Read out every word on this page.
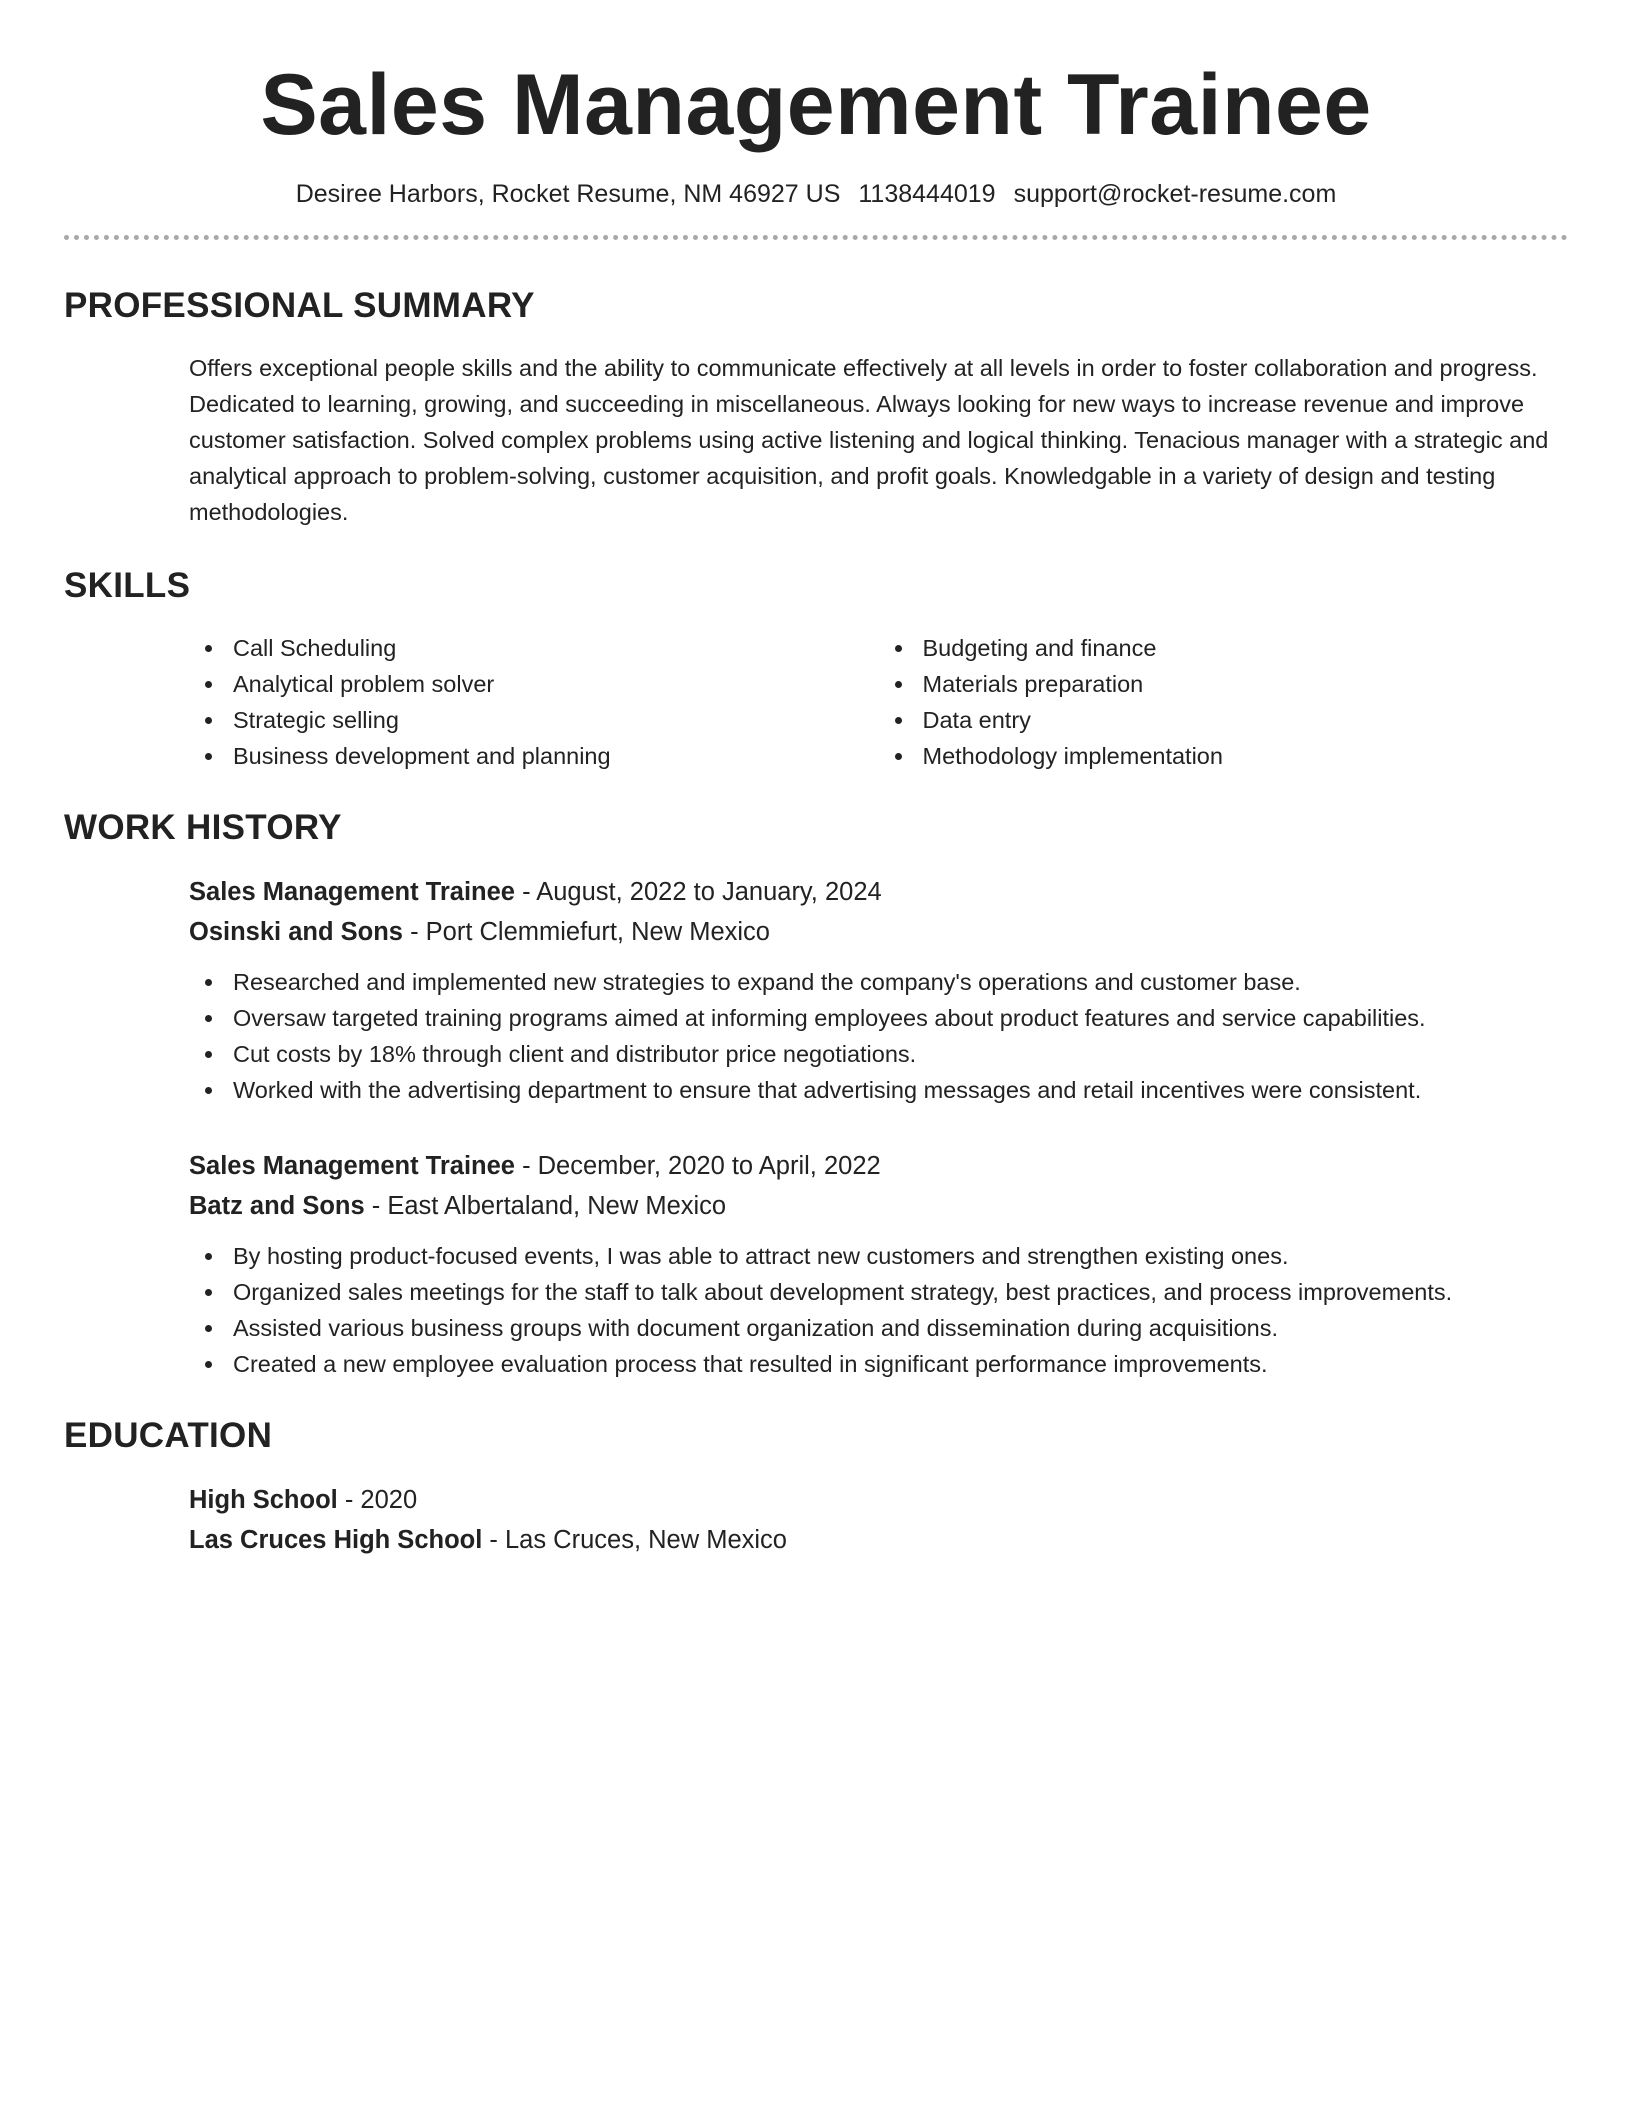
Sales Management Trainee
Desiree Harbors, Rocket Resume, NM 46927 US 1138444019 support@rocket-resume.com
PROFESSIONAL SUMMARY

Offers exceptional people skills and the ability to communicate effectively at all levels in order to foster collaboration and progress. Dedicated to learning, growing, and succeeding in miscellaneous. Always looking for new ways to increase revenue and improve customer satisfaction. Solved complex problems using active listening and logical thinking. Tenacious manager with a strategic and analytical approach to problem-solving, customer acquisition, and profit goals. Knowledgable in a variety of design and testing methodologies.

SKILLS
Call Scheduling
Analytical problem solver
Strategic selling
Business development and planning
Budgeting and finance
Materials preparation
Data entry
Methodology implementation
WORK HISTORY
Sales Management Trainee - August, 2022 to January, 2024
Osinski and Sons - Port Clemmiefurt, New Mexico
Researched and implemented new strategies to expand the company's operations and customer base.
Oversaw targeted training programs aimed at informing employees about product features and service capabilities.
Cut costs by 18% through client and distributor price negotiations.
Worked with the advertising department to ensure that advertising messages and retail incentives were consistent.
Sales Management Trainee - December, 2020 to April, 2022
Batz and Sons - East Albertaland, New Mexico
By hosting product-focused events, I was able to attract new customers and strengthen existing ones.
Organized sales meetings for the staff to talk about development strategy, best practices, and process improvements.
Assisted various business groups with document organization and dissemination during acquisitions.
Created a new employee evaluation process that resulted in significant performance improvements.
EDUCATION
High School - 2020
Las Cruces High School - Las Cruces, New Mexico
